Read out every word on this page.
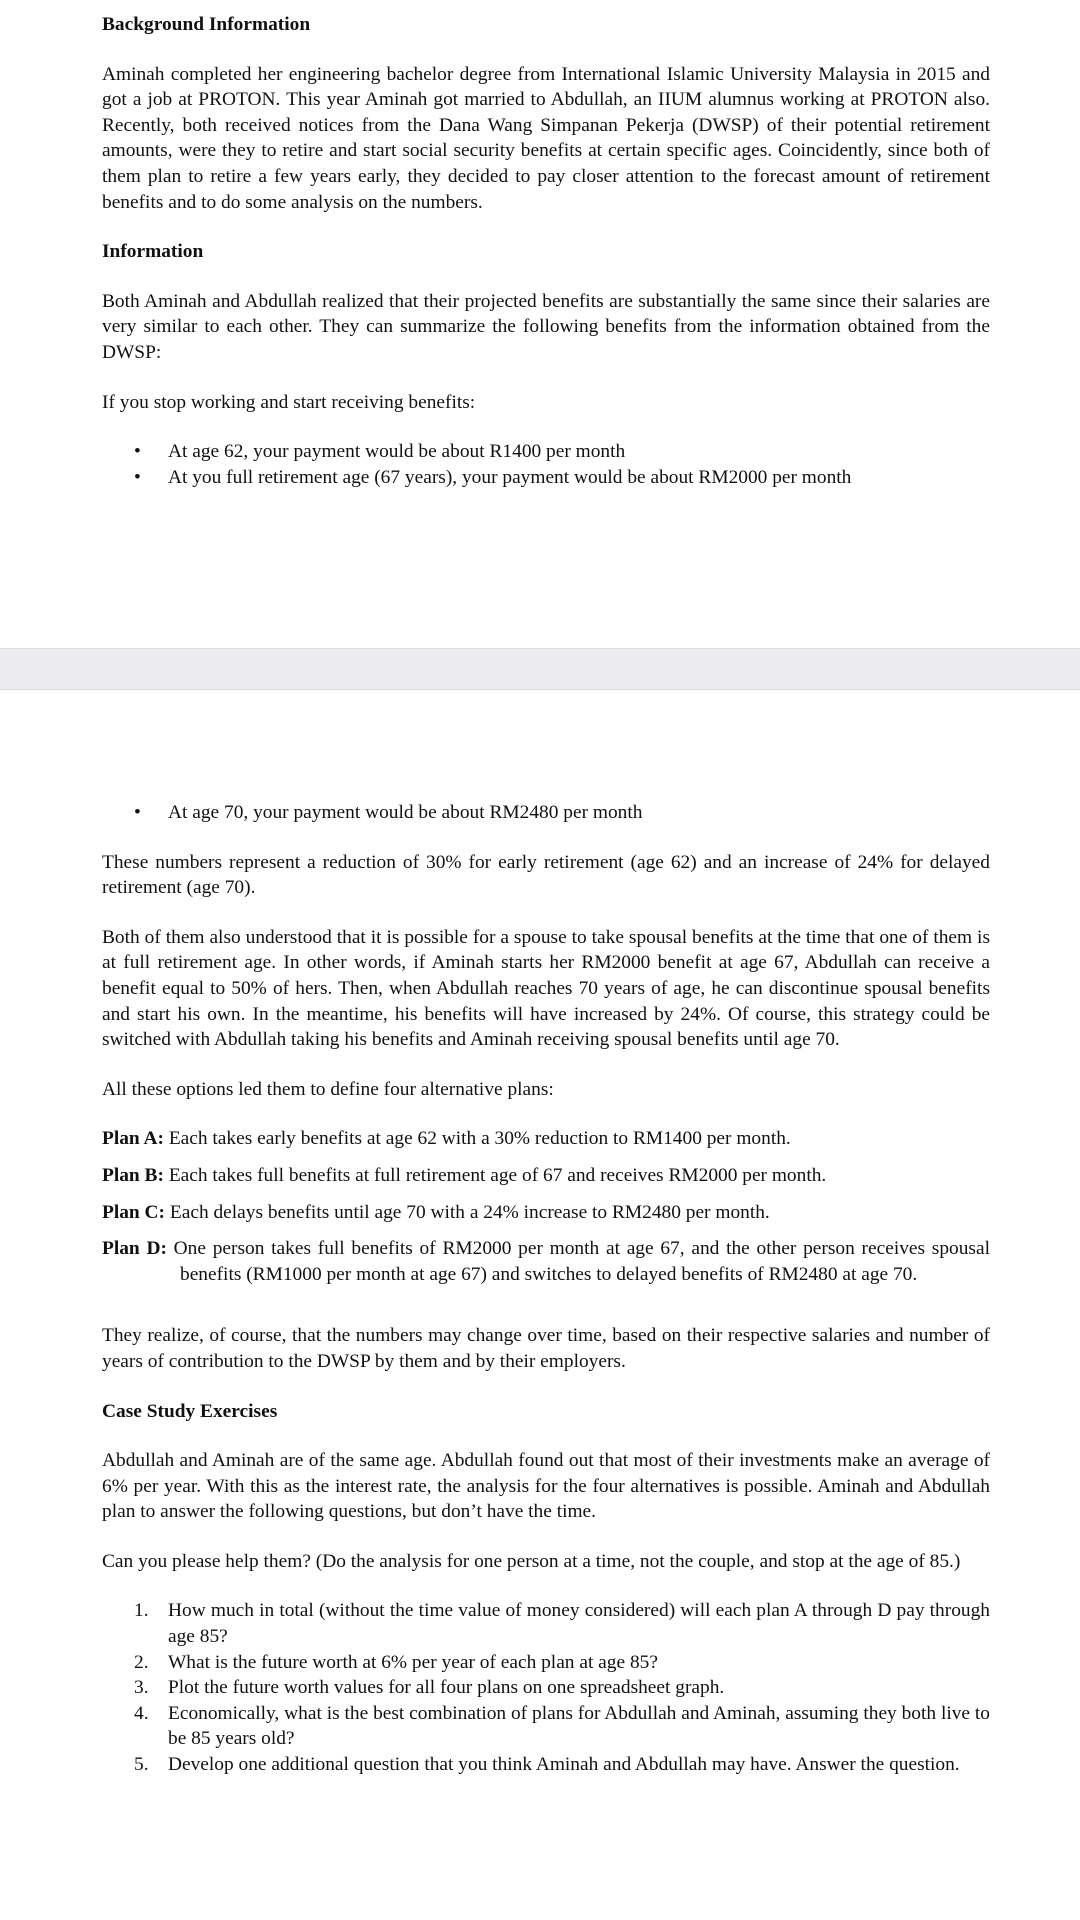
Background Information

Aminah completed her engineering bachelor degree from International Islamic University Malaysia in 2015 and got a job at PROTON. This year Aminah got married to Abdullah, an IIUM alumnus working at PROTON also. Recently, both received notices from the Dana Wang Simpanan Pekerja (DWSP) of their potential retirement amounts, were they to retire and start social security benefits at certain specific ages. Coincidently, since both of them plan to retire a few years early, they decided to pay closer attention to the forecast amount of retirement benefits and to do some analysis on the numbers.

Information

Both Aminah and Abdullah realized that their projected benefits are substantially the same since their salaries are very similar to each other. They can summarize the following benefits from the information obtained from the DWSP:

If you stop working and start receiving benefits:

• At age 62, your payment would be about R1400 per month
• At you full retirement age (67 years), your payment would be about RM2000 per month
• At age 70, your payment would be about RM2480 per month

These numbers represent a reduction of 30% for early retirement (age 62) and an increase of 24% for delayed retirement (age 70).

Both of them also understood that it is possible for a spouse to take spousal benefits at the time that one of them is at full retirement age. In other words, if Aminah starts her RM2000 benefit at age 67, Abdullah can receive a benefit equal to 50% of hers. Then, when Abdullah reaches 70 years of age, he can discontinue spousal benefits and start his own. In the meantime, his benefits will have increased by 24%. Of course, this strategy could be switched with Abdullah taking his benefits and Aminah receiving spousal benefits until age 70.

All these options led them to define four alternative plans:

Plan A: Each takes early benefits at age 62 with a 30% reduction to RM1400 per month.

Plan B: Each takes full benefits at full retirement age of 67 and receives RM2000 per month.

Plan C: Each delays benefits until age 70 with a 24% increase to RM2480 per month.

Plan D: One person takes full benefits of RM2000 per month at age 67, and the other person receives spousal benefits (RM1000 per month at age 67) and switches to delayed benefits of RM2480 at age 70.

They realize, of course, that the numbers may change over time, based on their respective salaries and number of years of contribution to the DWSP by them and by their employers.

Case Study Exercises

Abdullah and Aminah are of the same age. Abdullah found out that most of their investments make an average of 6% per year. With this as the interest rate, the analysis for the four alternatives is possible. Aminah and Abdullah plan to answer the following questions, but don’t have the time.

Can you please help them? (Do the analysis for one person at a time, not the couple, and stop at the age of 85.)

1. How much in total (without the time value of money considered) will each plan A through D pay through age 85?
2. What is the future worth at 6% per year of each plan at age 85?
3. Plot the future worth values for all four plans on one spreadsheet graph.
4. Economically, what is the best combination of plans for Abdullah and Aminah, assuming they both live to be 85 years old?
5. Develop one additional question that you think Aminah and Abdullah may have. Answer the question.
